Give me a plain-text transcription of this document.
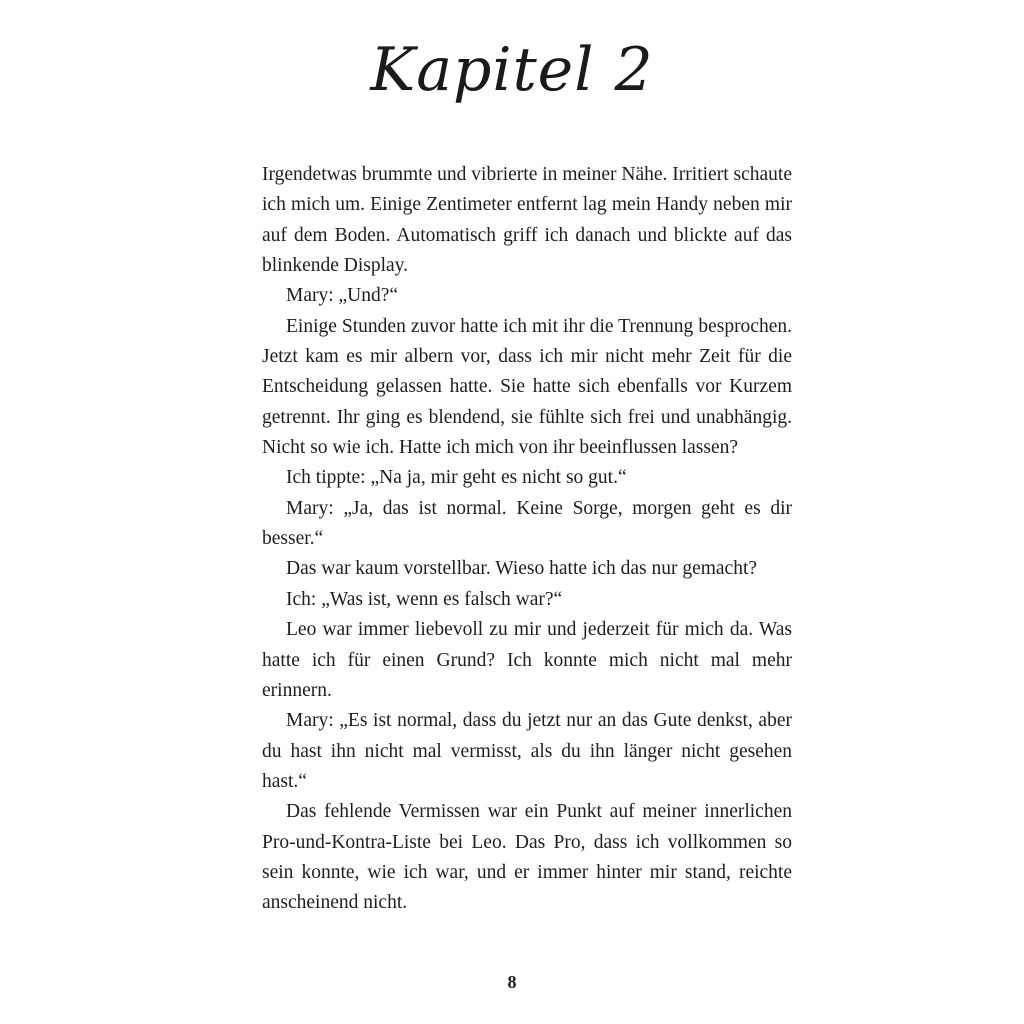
Kapitel 2

Irgendetwas brummte und vibrierte in meiner Nähe. Irritiert schaute ich mich um. Einige Zentimeter entfernt lag mein Handy neben mir auf dem Boden. Automatisch griff ich danach und blickte auf das blinkende Display.

Mary: „Und?“

Einige Stunden zuvor hatte ich mit ihr die Trennung besprochen. Jetzt kam es mir albern vor, dass ich mir nicht mehr Zeit für die Entscheidung gelassen hatte. Sie hatte sich ebenfalls vor Kurzem getrennt. Ihr ging es blendend, sie fühlte sich frei und unabhängig. Nicht so wie ich. Hatte ich mich von ihr beeinflussen lassen?

Ich tippte: „Na ja, mir geht es nicht so gut.“

Mary: „Ja, das ist normal. Keine Sorge, morgen geht es dir besser.“

Das war kaum vorstellbar. Wieso hatte ich das nur gemacht?

Ich: „Was ist, wenn es falsch war?“

Leo war immer liebevoll zu mir und jederzeit für mich da. Was hatte ich für einen Grund? Ich konnte mich nicht mal mehr erinnern.

Mary: „Es ist normal, dass du jetzt nur an das Gute denkst, aber du hast ihn nicht mal vermisst, als du ihn länger nicht gesehen hast.“

Das fehlende Vermissen war ein Punkt auf meiner innerlichen Pro-und-Kontra-Liste bei Leo. Das Pro, dass ich vollkommen so sein konnte, wie ich war, und er immer hinter mir stand, reichte anscheinend nicht.

8
